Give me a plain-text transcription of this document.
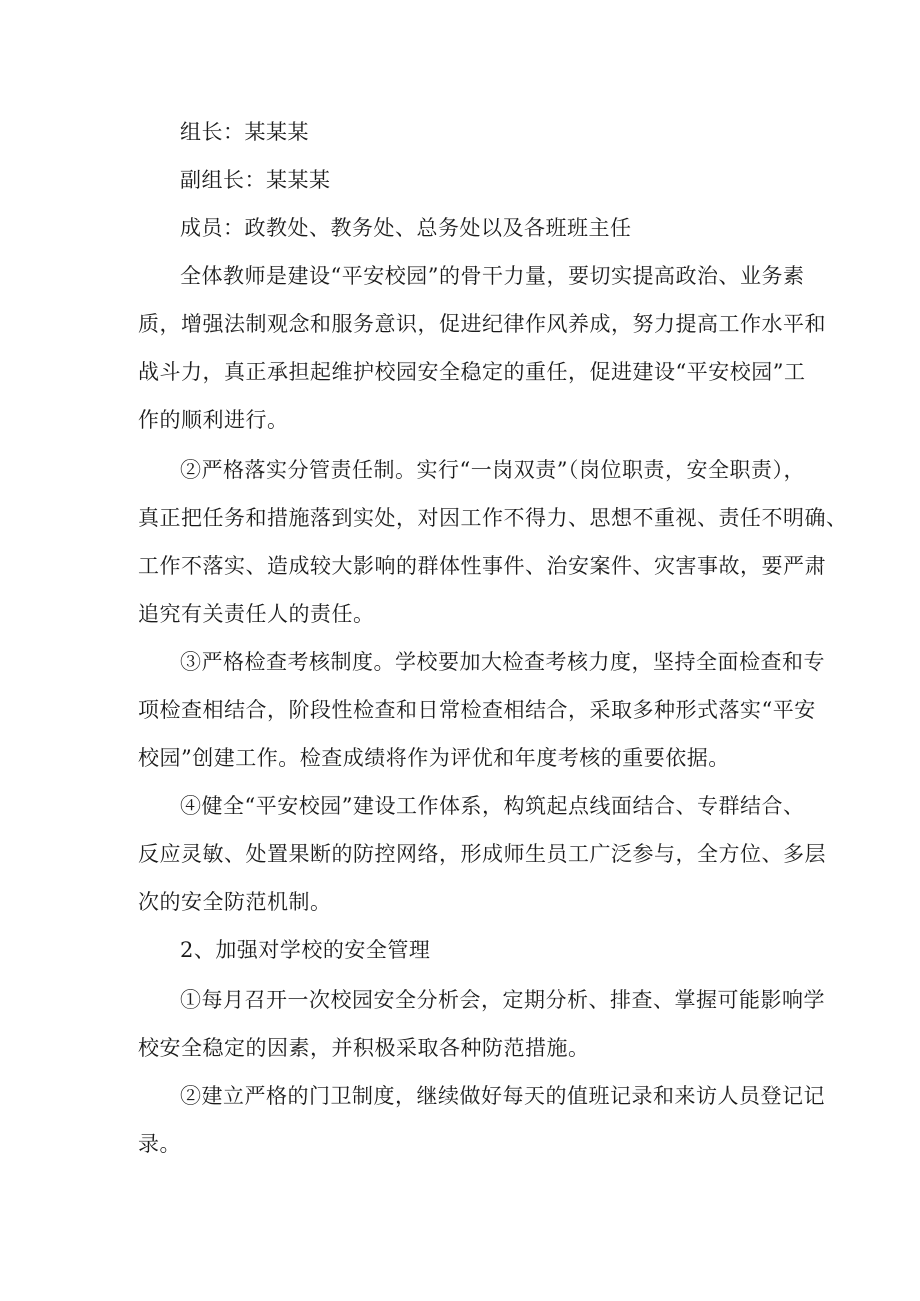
组长：某某某
副组长：某某某
成员：政教处、教务处、总务处以及各班班主任
全体教师是建设“平安校园”的骨干力量，要切实提高政治、业务素
质，增强法制观念和服务意识，促进纪律作风养成，努力提高工作水平和
战斗力，真正承担起维护校园安全稳定的重任，促进建设“平安校园”工
作的顺利进行。
②严格落实分管责任制。实行“一岗双责”（岗位职责，安全职责），
真正把任务和措施落到实处，对因工作不得力、思想不重视、责任不明确、
工作不落实、造成较大影响的群体性事件、治安案件、灾害事故，要严肃
追究有关责任人的责任。
③严格检查考核制度。学校要加大检查考核力度，坚持全面检查和专
项检查相结合，阶段性检查和日常检查相结合，采取多种形式落实“平安
校园”创建工作。检查成绩将作为评优和年度考核的重要依据。
④健全“平安校园”建设工作体系，构筑起点线面结合、专群结合、
反应灵敏、处置果断的防控网络，形成师生员工广泛参与，全方位、多层
次的安全防范机制。
2、加强对学校的安全管理
①每月召开一次校园安全分析会，定期分析、排查、掌握可能影响学
校安全稳定的因素，并积极采取各种防范措施。
②建立严格的门卫制度，继续做好每天的值班记录和来访人员登记记
录。
